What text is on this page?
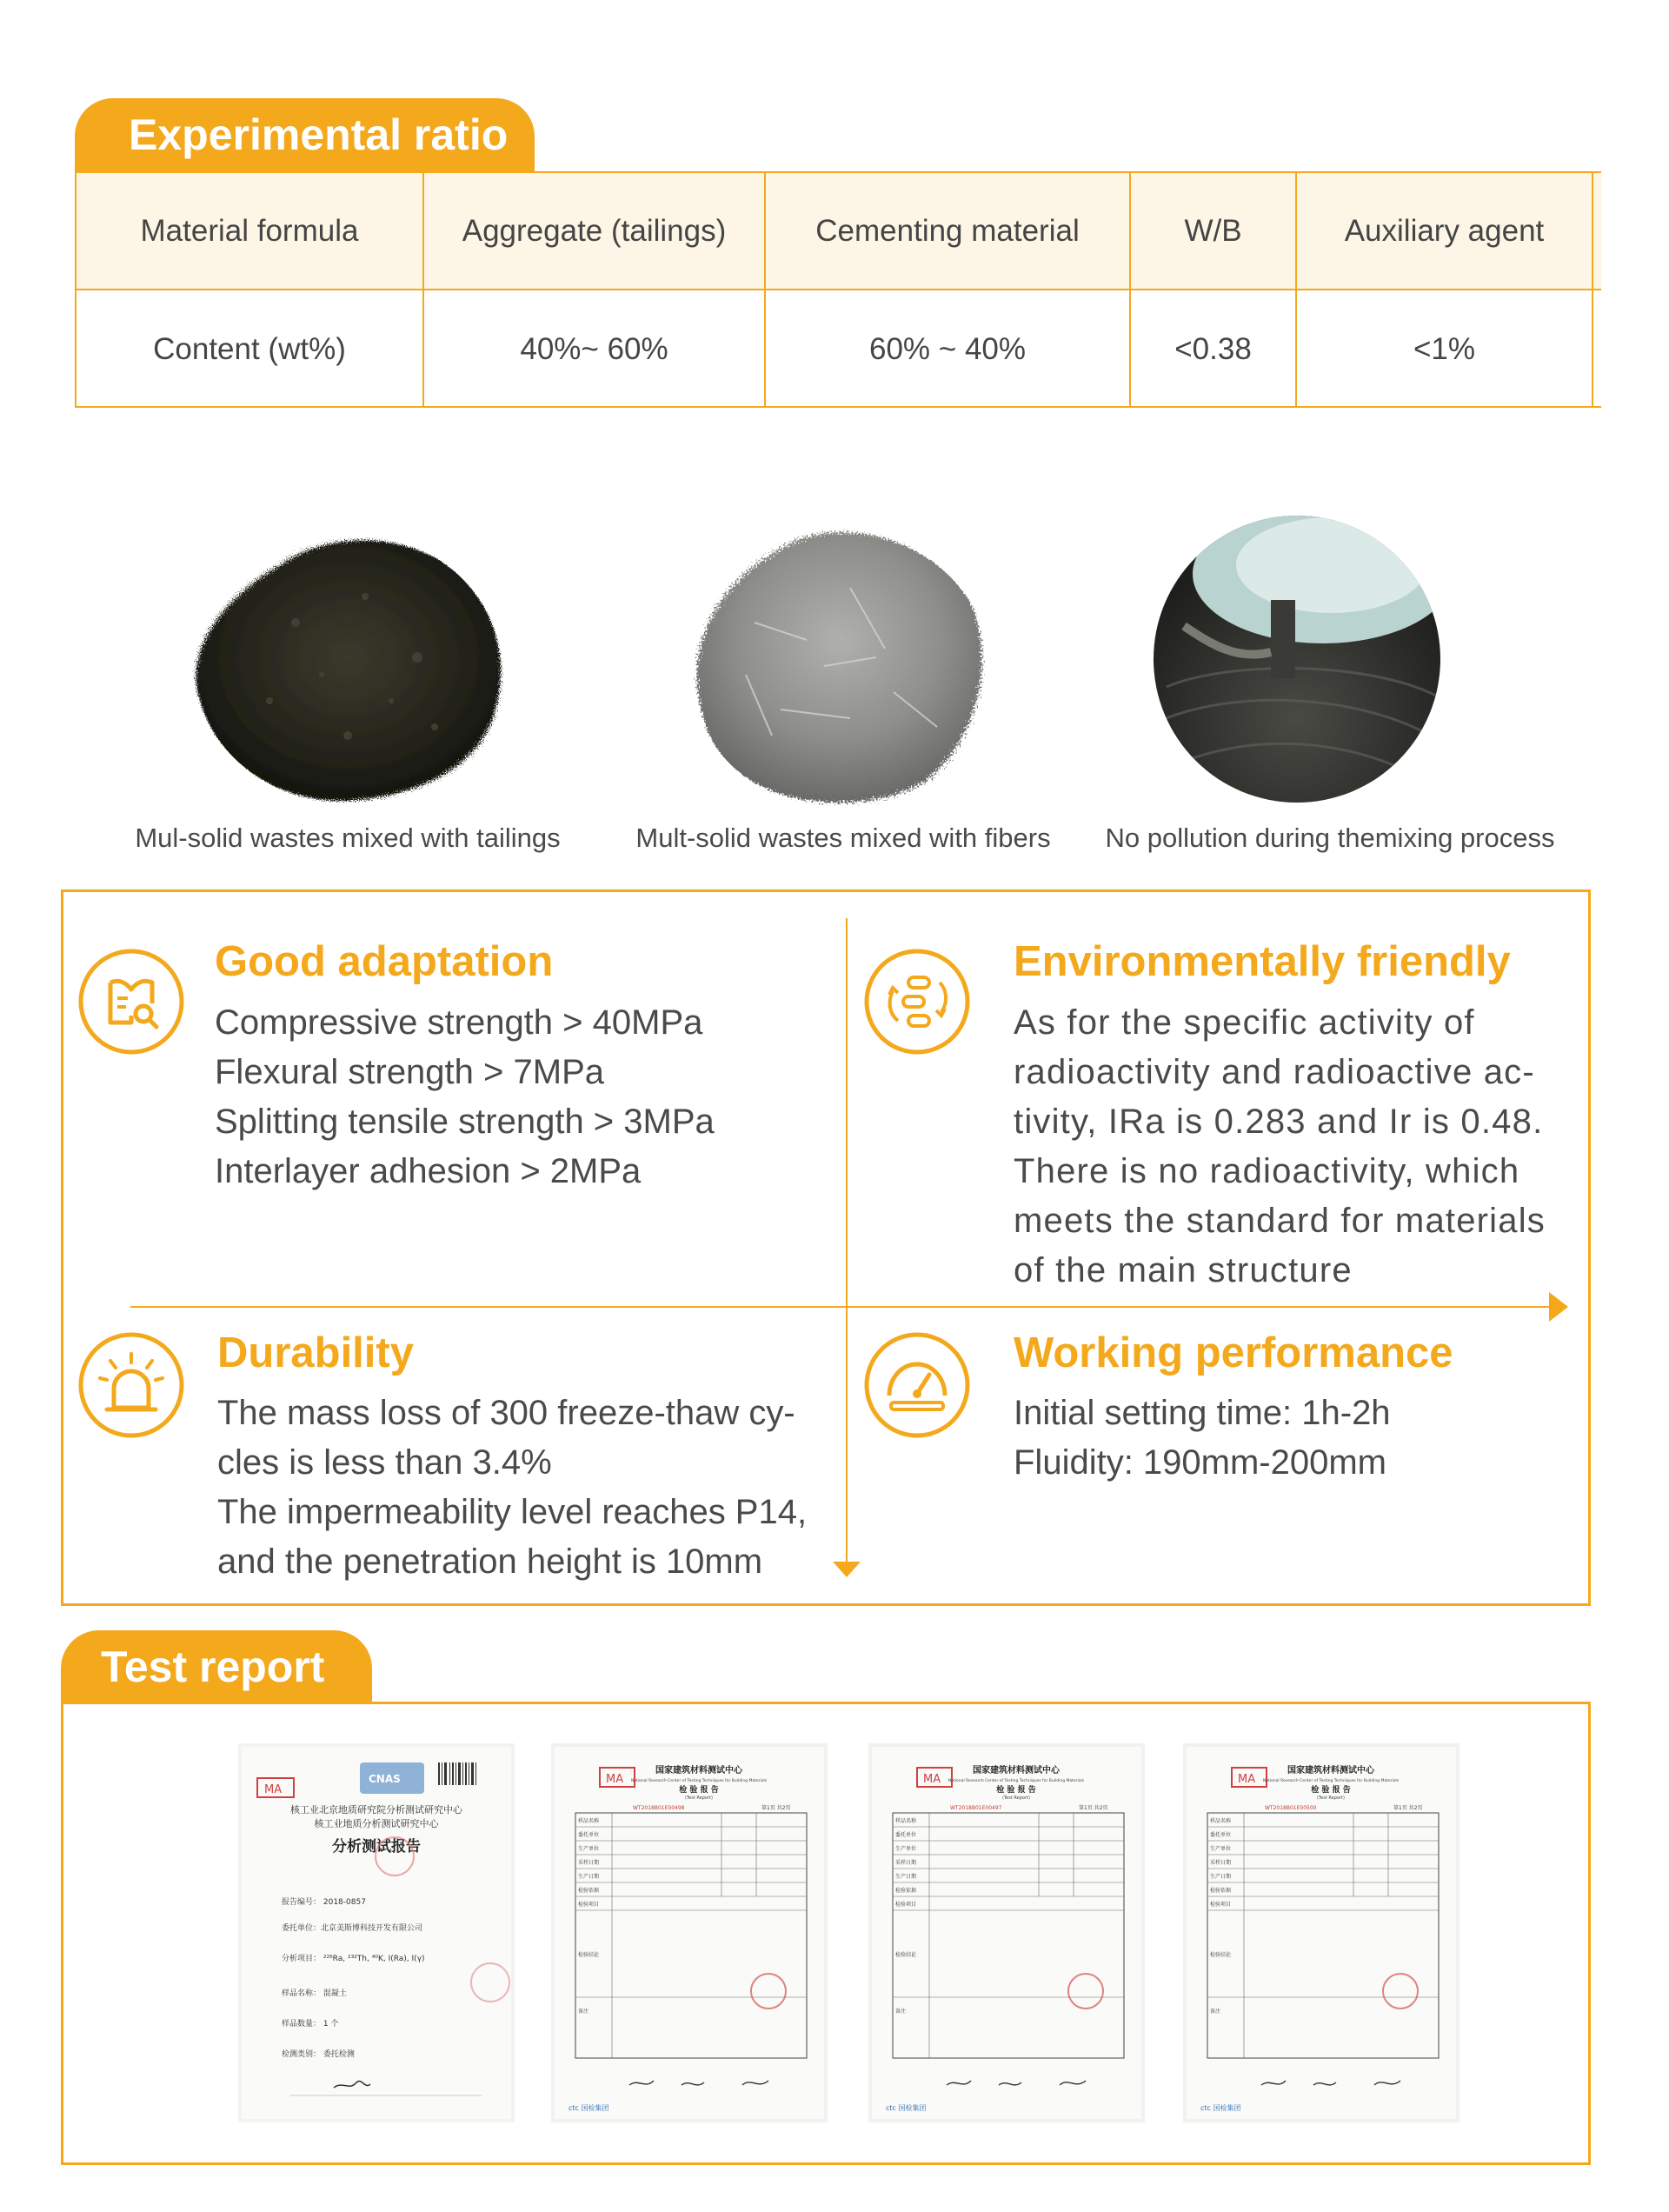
Experimental ratio
Material formula	Aggregate (tailings)	Cementing material	W/B	Auxiliary agent
Content (wt%)	40%~ 60%	60% ~ 40%	<0.38	<1%
Mul-solid wastes mixed with tailings	Mult-solid wastes mixed with fibers	No pollution during themixing process
Good adaptation
Compressive strength > 40MPa
Flexural strength > 7MPa
Splitting tensile strength > 3MPa
Interlayer adhesion > 2MPa
Environmentally friendly
As for the specific activity of
radioactivity and radioactive ac-
tivity, IRa is 0.283 and Ir is 0.48.
There is no radioactivity, which
meets the standard for materials
of the main structure
Durability
The mass loss of 300 freeze-thaw cy-
cles is less than 3.4%
The impermeability level reaches P14,
and the penetration height is 10mm
Working performance
Initial setting time: 1h-2h
Fluidity: 190mm-200mm
Test report
MA
CNAS
核工业北京地质研究院分析测试研究中心
核工业地质分析测试研究中心
分析测试报告
报告编号： 2018-0857
委托单位：北京美斯博科技开发有限公司
分析项目： ²²⁶Ra, ²³²Th, ⁴⁰K, I(Ra), I(γ)
样品名称： 混凝土
样品数量： 1 个
检测类别： 委托检测
MA
国家建筑材料测试中心
National Research Center of Testing Techniques for Building Materials
检 验 报 告
(Test Report)
WT2018B01E00498	第1页 共2页
样品名称
委托单位
生产单位
采样日期
生产日期
检验依据
检验项目
检验结论
备注
ctc 国检集团
MA
国家建筑材料测试中心
National Research Center of Testing Techniques for Building Materials
检 验 报 告
(Test Report)
WT2018B01E00497	第1页 共2页
样品名称
委托单位
生产单位
采样日期
生产日期
检验依据
检验项目
检验结论
备注
ctc 国检集团
MA
国家建筑材料测试中心
National Research Center of Testing Techniques for Building Materials
检 验 报 告
(Test Report)
WT2018B01E00500	第1页 共2页
样品名称
委托单位
生产单位
采样日期
生产日期
检验依据
检验项目
检验结论
备注
ctc 国检集团
